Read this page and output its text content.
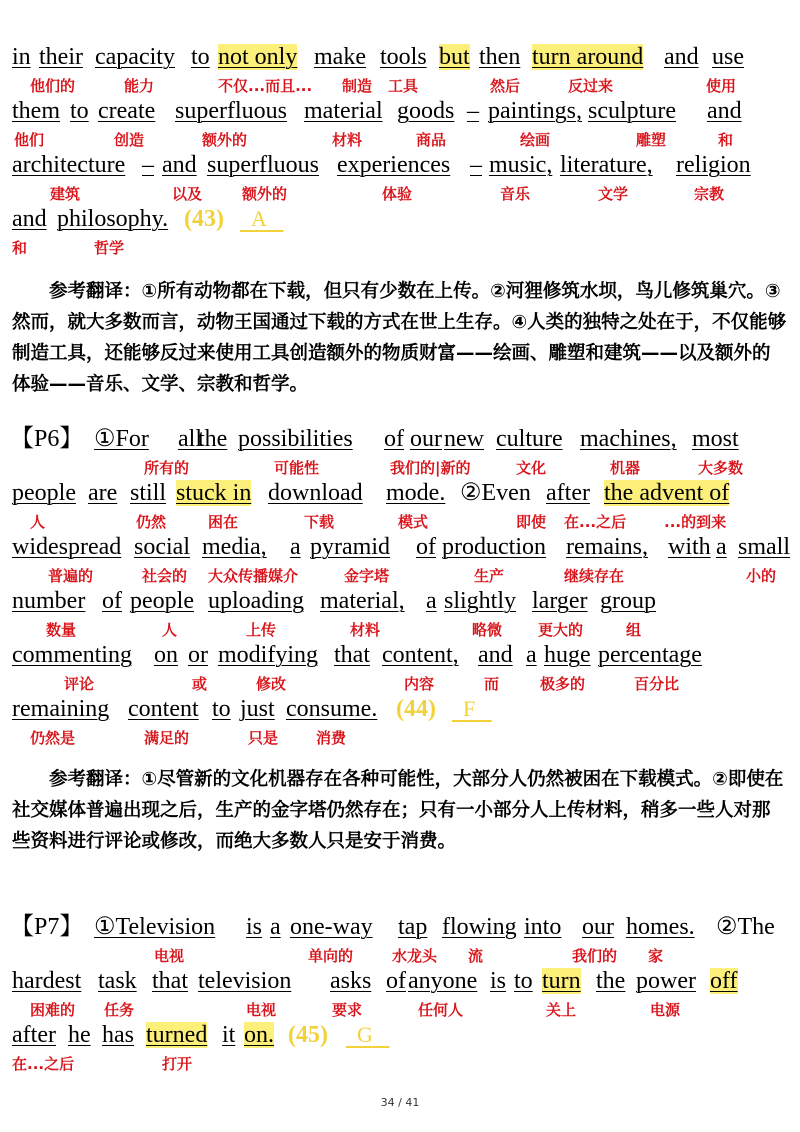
in their capacity to not only make tools but then turn around and use
他们的	能力	不仅...而且... 制造 工具	然后	反过来	使用
them to create superfluous material goods – paintings, sculpture and
他们	创造	额外的	材料	商品	绘画	雕塑	和
architecture – and superfluous experiences – music, literature, religion
建筑	以及	额外的	体验	音乐	文学	宗教
and philosophy. (43)	A
和	哲学

参考翻译：①所有动物都在下载，但只有少数在上传。②河狸修筑水坝，鸟儿修筑巢穴。③然而，就大多数而言，动物王国通过下载的方式在世上生存。④人类的独特之处在于，不仅能够制造工具，还能够反过来使用工具创造额外的物质财富——绘画、雕塑和建筑——以及额外的体验——音乐、文学、宗教和哲学。

【P6】 ①For all
the possibilities of our new culture machines, most
所有的	可能性	我们的|新的	文化	机器	大多数
people are still stuck in download mode. ②Even after the advent of
人	仍然	困在	下载	模式	即使 在...之后	...的到来
widespread social media, a pyramid of production remains, with a small
普遍的	社会的 大众传播媒介	金字塔	生产	继续存在	小的
number of people uploading material, a slightly larger group
数量	人	上传	材料	略微 更大的	组
commenting on or modifying that content, and a huge percentage
评论	或	修改	内容	而	极多的	百分比
remaining content to just consume. (44)	F
仍然是	满足的	只是	消费

参考翻译：①尽管新的文化机器存在各种可能性，大部分人仍然被困在下载模式。②即使在社交媒体普遍出现之后，生产的金字塔仍然存在；只有一小部分人上传材料，稍多一些人对那些资料进行评论或修改，而绝大多数人只是安于消费。

【P7】 ①Television is a one-way tap flowing into our homes. ②The
电视	单向的	水龙头 流	我们的 家
hardest task that television asks of anyone is to turn the power off
困难的 任务	电视	要求	任何人	关上	电源
after he has turned it on. (45)	G
在...之后	打开
34 / 41
